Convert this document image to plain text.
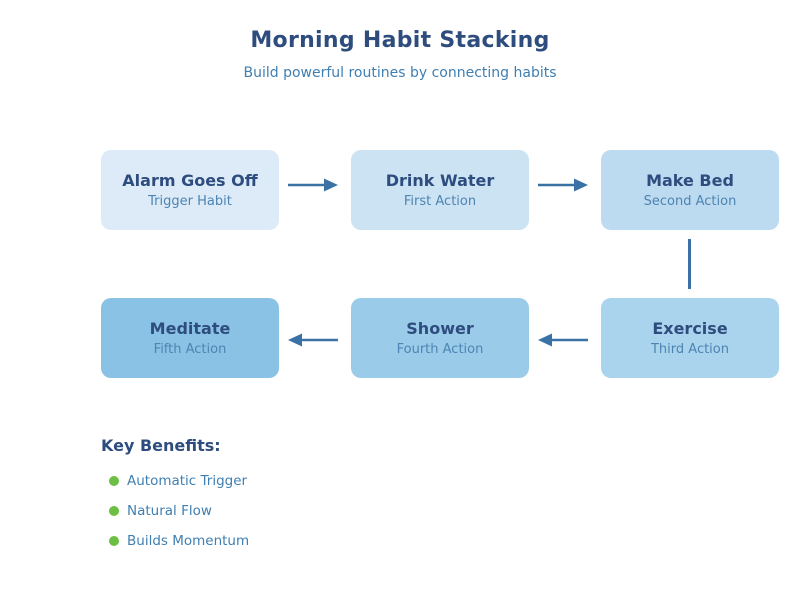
Morning Habit Stacking
Build powerful routines by connecting habits
Alarm Goes Off
Trigger Habit
Drink Water
First Action
Make Bed
Second Action
Exercise
Third Action
Shower
Fourth Action
Meditate
Fifth Action
Key Benefits:
Automatic Trigger
Natural Flow
Builds Momentum
